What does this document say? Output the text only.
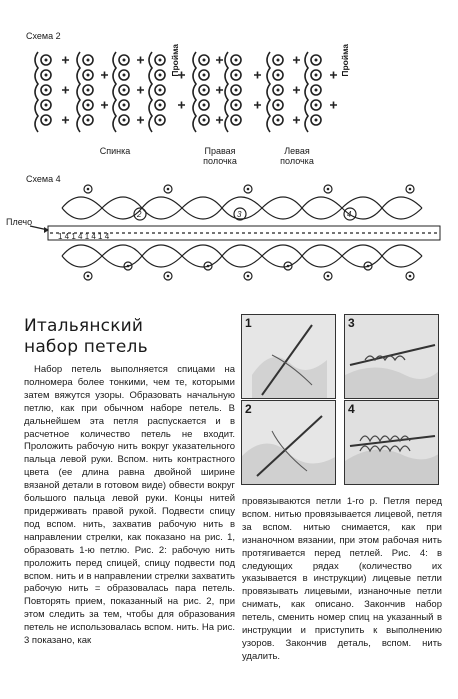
Схема 2
Пройма	Пройма
Спинка	Правая полочка
Левая полочка
Схема 4
1 4 1 4 1 4 1 4
2	3	4
Плечо
Итальянский
набор петель
1	3
2	4

Набор петель выполняется спицами на полномера более тонкими, чем те, которыми затем вяжутся узоры. Образовать начальную петлю, как при обычном наборе петель. В дальнейшем эта петля распускается и в расчетное количество петель не входит. Проложить рабочую нить вокруг указательного пальца левой руки. Вспом. нить контрастного цвета (ее длина равна двойной ширине вязаной детали в готовом виде) обвести вокруг большого пальца левой руки. Концы нитей придерживать правой рукой. Подвести спицу под вспом. нить, захватив рабочую нить в направлении стрелки, как показано на рис. 1, образовать 1-ю петлю. Рис. 2: рабочую нить проложить перед спицей, спицу подвести под вспом. нить и в направлении стрелки захватить рабочую нить = образовалась пара петель. Повторять прием, показанный на рис. 2, при этом следить за тем, чтобы для образования петель не использовалась вспом. нить. На рис. 3 показано, как

провязываются петли 1-го р. Петля перед вспом. нитью провязывается лицевой, петля за вспом. нитью снимается, как при изнаночном вязании, при этом рабочая нить протягивается перед петлей. Рис. 4: в следующих рядах (количество их указывается в инструкции) лицевые петли провязывать лицевыми, изнаночные петли снимать, как описано. Закончив набор петель, сменить номер спиц на указанный в инструкции и приступить к выполнению узоров. Закончив деталь, вспом. нить удалить.
